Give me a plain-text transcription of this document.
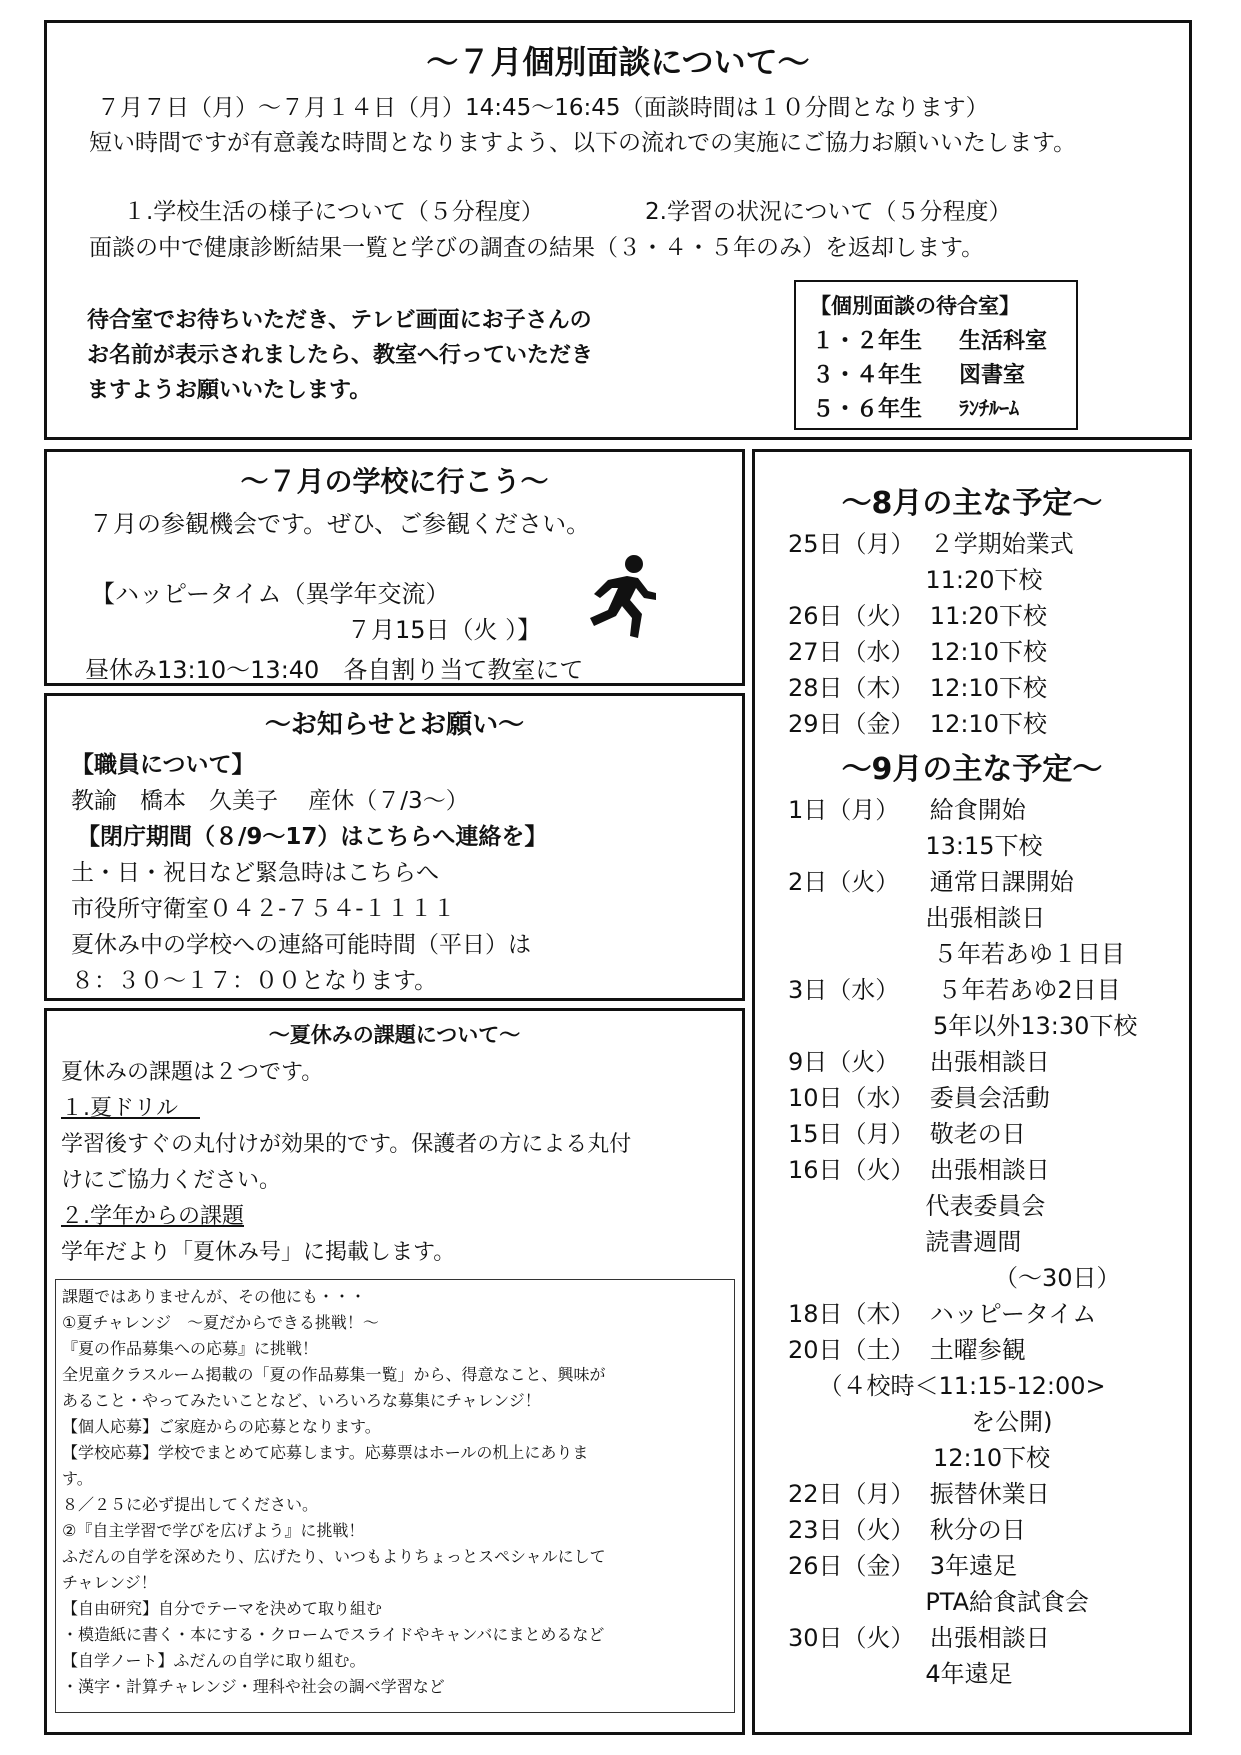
～７月個別面談について～
７月７日（月）～７月１４日（月）14:45～16:45（面談時間は１０分間となります）
短い時間ですが有意義な時間となりますよう、以下の流れでの実施にご協力お願いいたします。
１.学校生活の様子について（５分程度）	2.学習の状況について（５分程度）
面談の中で健康診断結果一覧と学びの調査の結果（３・４・５年のみ）を返却します。
待合室でお待ちいただき、テレビ画面にお子さんの
お名前が表示されましたら、教室へ行っていただき
ますようお願いいたします。
【個別面談の待合室】
１・２年生 生活科室
３・４年生 図書室
５・６年生 ﾗﾝﾁﾙｰﾑ
～７月の学校に行こう～
７月の参観機会です。ぜひ、ご参観ください。
【ハッピータイム（異学年交流）
７月15日（火 ）】
昼休み13:10～13:40　各自割り当て教室にて
～お知らせとお願い～
【職員について】
教諭　橋本　久美子　 産休（７/3～）
【閉庁期間（８/9～17）はこちらへ連絡を】
土・日・祝日など緊急時はこちらへ
市役所守衛室０４２-７５４-１１１１
夏休み中の学校への連絡可能時間（平日）は
８：３０～１７：００となります。
～夏休みの課題について～
夏休みの課題は２つです。
１.夏ドリル　
学習後すぐの丸付けが効果的です。保護者の方による丸付
けにご協力ください。
２.学年からの課題
学年だより「夏休み号」に掲載します。
課題ではありませんが、その他にも・・・
①夏チャレンジ　～夏だからできる挑戦！～
『夏の作品募集への応募』に挑戦！
全児童クラスルーム掲載の「夏の作品募集一覧」から、得意なこと、興味が
あること・やってみたいことなど、いろいろな募集にチャレンジ！
【個人応募】ご家庭からの応募となります。
【学校応募】学校でまとめて応募します。応募票はホールの机上にありま
す。
８／２５に必ず提出してください。
②『自主学習で学びを広げよう』に挑戦！
ふだんの自学を深めたり、広げたり、いつもよりちょっとスペシャルにして
チャレンジ！
【自由研究】自分でテーマを決めて取り組む
・模造紙に書く・本にする・クロームでスライドやキャンバにまとめるなど
【自学ノート】ふだんの自学に取り組む。
・漢字・計算チャレンジ・理科や社会の調べ学習など
～8月の主な予定～
25日（月）  ２学期始業式
11:20下校
26日（火）  11:20下校
27日（水）  12:10下校
28日（木）  12:10下校
29日（金）  12:10下校
～9月の主な予定～
1日（月）    給食開始
13:15下校
2日（火）    通常日課開始
出張相談日
５年若あゆ１日目
3日（水）     ５年若あゆ2日目
5年以外13:30下校
9日（火）    出張相談日
10日（水）  委員会活動
15日（月）  敬老の日
16日（火）  出張相談日
代表委員会
読書週間
（～30日）
18日（木）  ハッピータイム
20日（土）  土曜参観
（４校時＜11:15-12:00>
を公開)
12:10下校
22日（月）  振替休業日
23日（火）  秋分の日
26日（金）  3年遠足
PTA給食試食会
30日（火）  出張相談日
4年遠足
